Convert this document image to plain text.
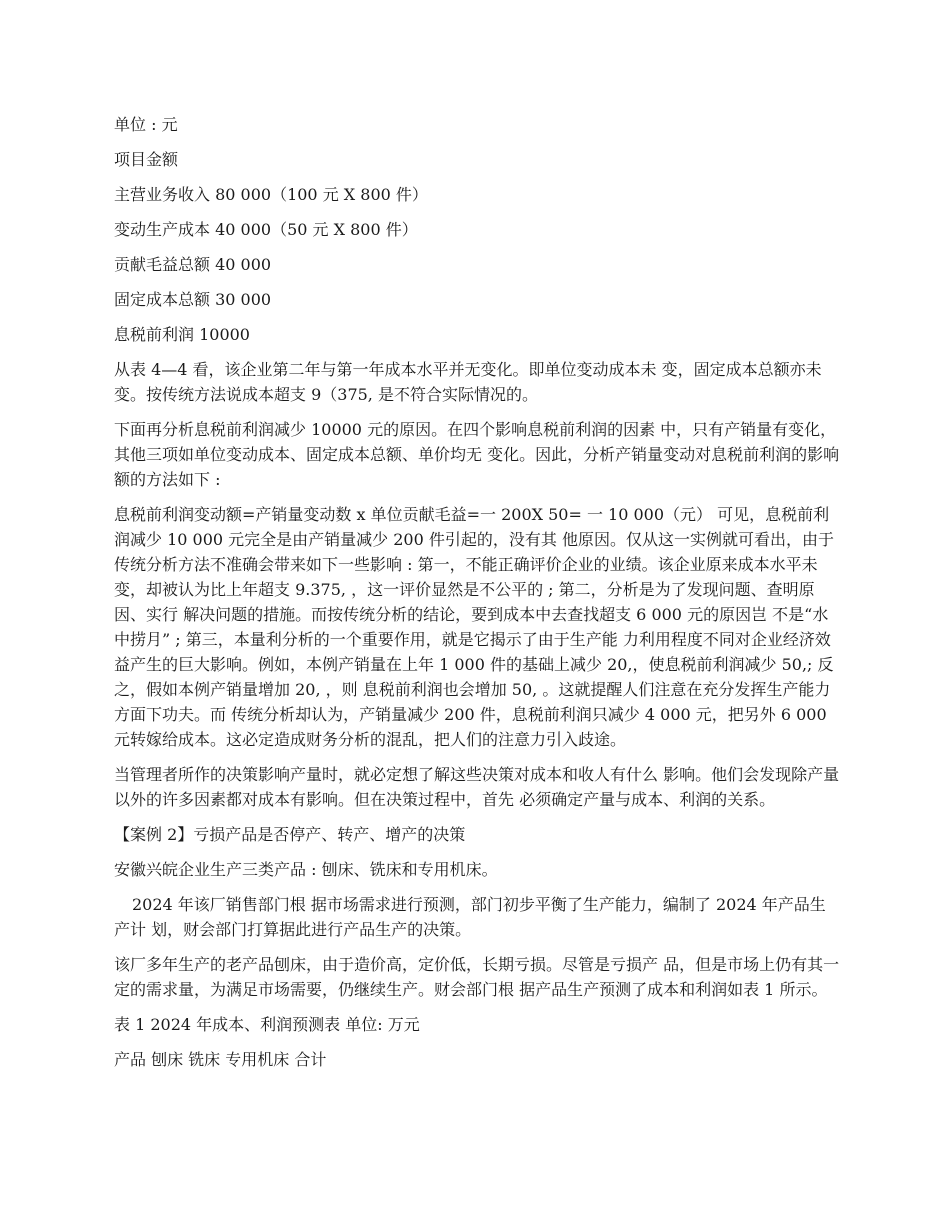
单位 : 元

项目金额

主营业务收入 80 000（100 元 X 800 件）

变动生产成本 40 000（50 元 X 800 件）

贡献毛益总额 40 000

固定成本总额 30 000

息税前利润 10000

从表 4—4 看，该企业第二年与第一年成本水平并无变化。即单位变动成本未 变，固定成本总额亦未变。按传统方法说成本超支 9（375, 是不符合实际情况的。

下面再分析息税前利润减少 10000 元的原因。在四个影响息税前利润的因素 中，只有产销量有变化，其他三项如单位变动成本、固定成本总额、单价均无 变化。因此，分析产销量变动对息税前利润的影响额的方法如下 :

息税前利润变动额=产销量变动数 x 单位贡献毛益=一 200X 50= 一 10 000（元） 可见，息税前利润减少 10 000 元完全是由产销量减少 200 件引起的，没有其 他原因。仅从这一实例就可看出，由于传统分析方法不准确会带来如下一些影响 : 第一，不能正确评价企业的业绩。该企业原来成本水平未变，却被认为比上年超支 9.375, ，这一评价显然是不公平的 ; 第二，分析是为了发现问题、查明原因、实行 解决问题的措施。而按传统分析的结论，要到成本中去查找超支 6 000 元的原因岂 不是“水中捞月” ; 第三，本量利分析的一个重要作用，就是它揭示了由于生产能 力利用程度不同对企业经济效益产生的巨大影响。例如，本例产销量在上年 1 000 件的基础上减少 20,，使息税前利润减少 50,; 反之，假如本例产销量增加 20, ，则 息税前利润也会增加 50, 。这就提醒人们注意在充分发挥生产能力方面下功夫。而 传统分析却认为，产销量减少 200 件，息税前利润只减少 4 000 元，把另外 6 000 元转嫁给成本。这必定造成财务分析的混乱，把人们的注意力引入歧途。

当管理者所作的决策影响产量时，就必定想了解这些决策对成本和收人有什么 影响。他们会发现除产量以外的许多因素都对成本有影响。但在决策过程中，首先 必须确定产量与成本、利润的关系。

【案例 2】亏损产品是否停产、转产、增产的决策

安徽兴皖企业生产三类产品 : 刨床、铣床和专用机床。

2024 年该厂销售部门根 据市场需求进行预测，部门初步平衡了生产能力，编制了 2024 年产品生产计 划，财会部门打算据此进行产品生产的决策。

该厂多年生产的老产品刨床，由于造价高，定价低，长期亏损。尽管是亏损产 品，但是市场上仍有其一定的需求量，为满足市场需要，仍继续生产。财会部门根 据产品生产预测了成本和利润如表 1 所示。

表 1 2024 年成本、利润预测表 单位: 万元

产品 刨床 铣床 专用机床 合计
